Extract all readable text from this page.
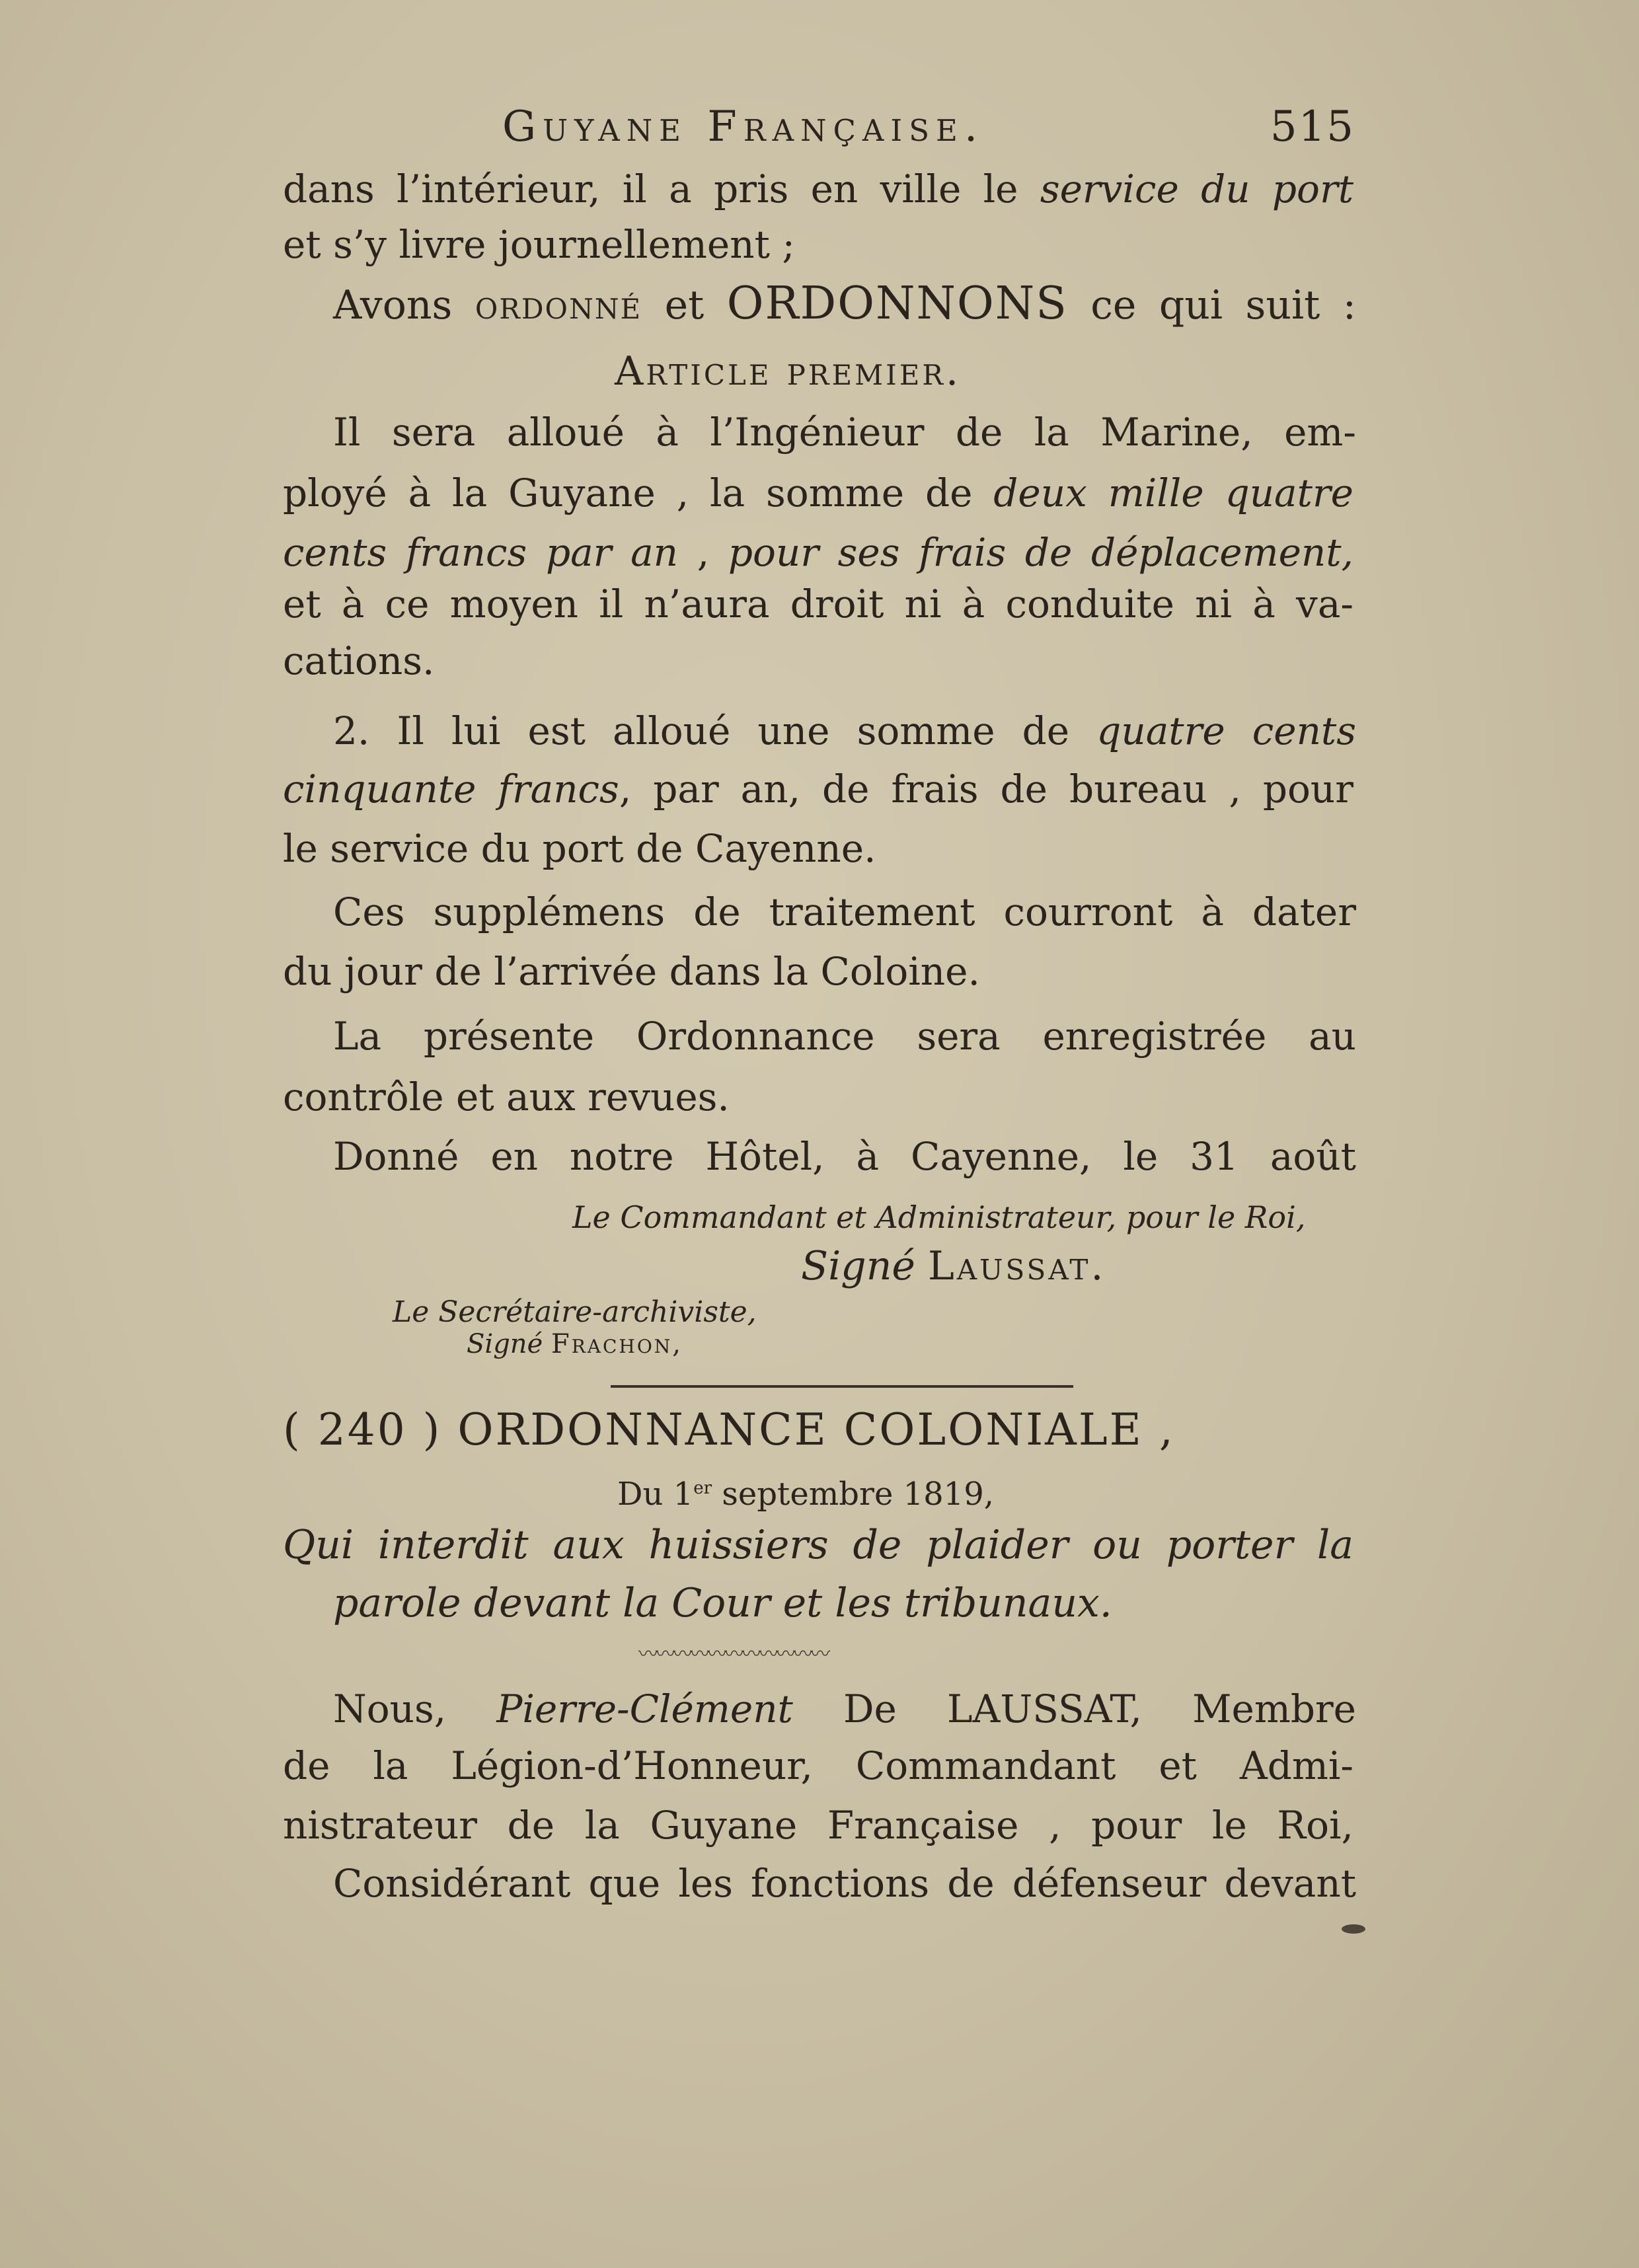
Guyane Française.	515
dans l’intérieur, il a pris en ville le service du port
et s’y livre journellement ;
Avons ordonné et ORDONNONS ce qui suit :
Article premier.
Il sera alloué à l’Ingénieur de la Marine, em-
ployé à la Guyane , la somme de deux mille quatre
cents francs par an , pour ses frais de déplacement,
et à ce moyen il n’aura droit ni à conduite ni à va-
cations.
2. Il lui est alloué une somme de quatre cents
cinquante francs, par an, de frais de bureau , pour
le service du port de Cayenne.
Ces supplémens de traitement courront à dater
du jour de l’arrivée dans la Coloine.
La présente Ordonnance sera enregistrée au
contrôle et aux revues.
Donné en notre Hôtel, à Cayenne, le 31 août
Le Commandant et Administrateur, pour le Roi,
Signé Laussat.
Le Secrétaire-archiviste,
Signé Frachon,
( 240 ) ORDONNANCE COLONIALE ,
Du 1er septembre 1819,
Qui interdit aux huissiers de plaider ou porter la
parole devant la Cour et les tribunaux.
〰〰〰〰〰〰〰〰〰〰〰
Nous, Pierre-Clément De LAUSSAT, Membre
de la Légion-d’Honneur, Commandant et Admi-
nistrateur de la Guyane Française , pour le Roi,
Considérant que les fonctions de défenseur devant
